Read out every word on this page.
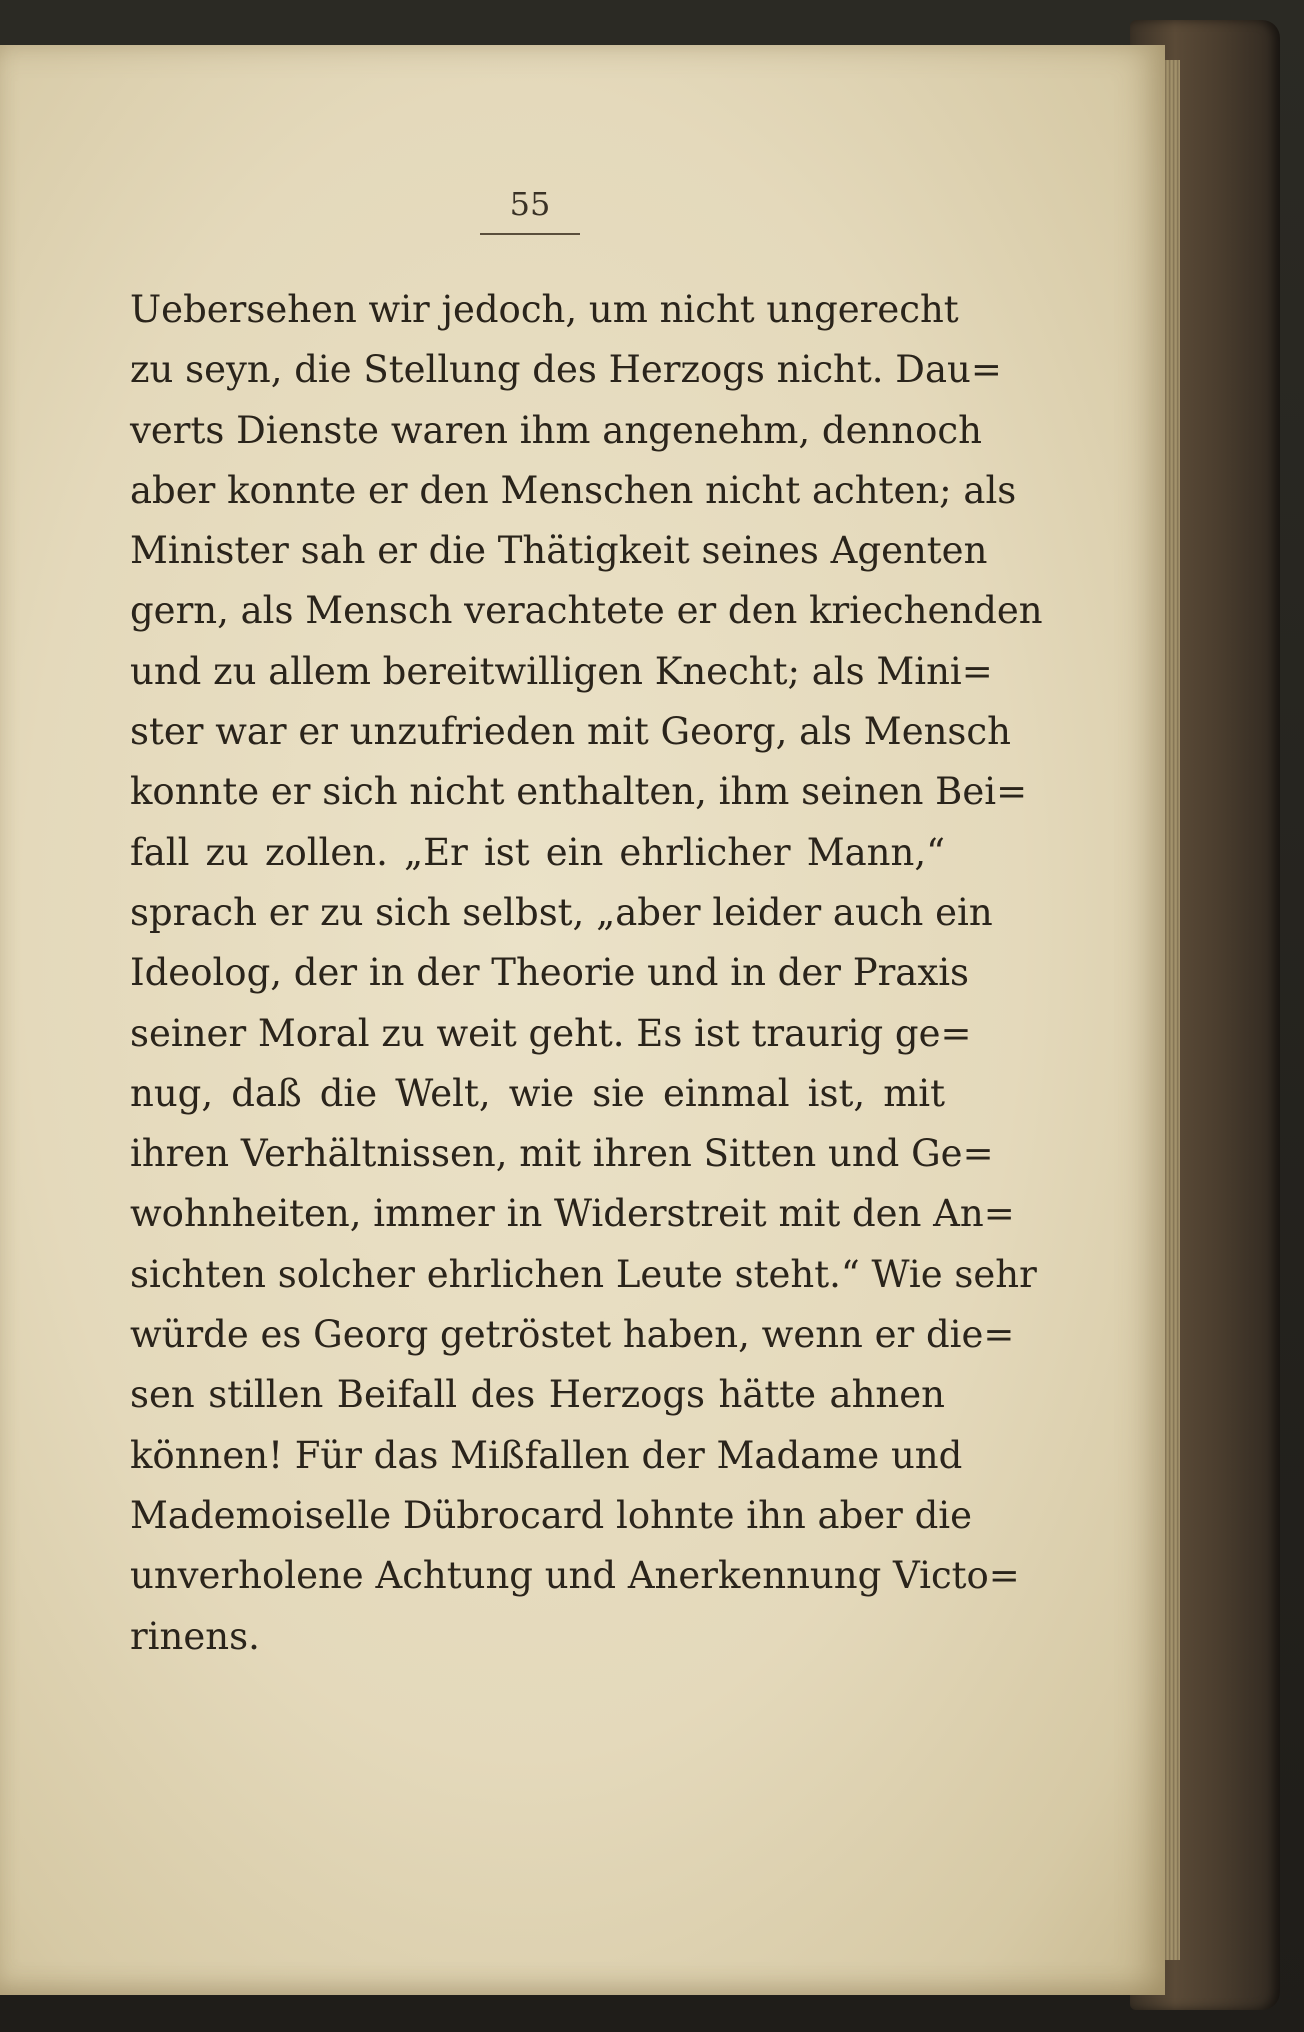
55
Uebersehen wir jedoch, um nicht ungerecht
zu seyn, die Stellung des Herzogs nicht. Dau=
verts Dienste waren ihm angenehm, dennoch
aber konnte er den Menschen nicht achten; als
Minister sah er die Thätigkeit seines Agenten
gern, als Mensch verachtete er den kriechenden
und zu allem bereitwilligen Knecht; als Mini=
ster war er unzufrieden mit Georg, als Mensch
konnte er sich nicht enthalten, ihm seinen Bei=
fall zu zollen. „Er ist ein ehrlicher Mann,“
sprach er zu sich selbst, „aber leider auch ein
Ideolog, der in der Theorie und in der Praxis
seiner Moral zu weit geht. Es ist traurig ge=
nug, daß die Welt, wie sie einmal ist, mit
ihren Verhältnissen, mit ihren Sitten und Ge=
wohnheiten, immer in Widerstreit mit den An=
sichten solcher ehrlichen Leute steht.“ Wie sehr
würde es Georg getröstet haben, wenn er die=
sen stillen Beifall des Herzogs hätte ahnen
können! Für das Mißfallen der Madame und
Mademoiselle Dübrocard lohnte ihn aber die
unverholene Achtung und Anerkennung Victo=
rinens.
